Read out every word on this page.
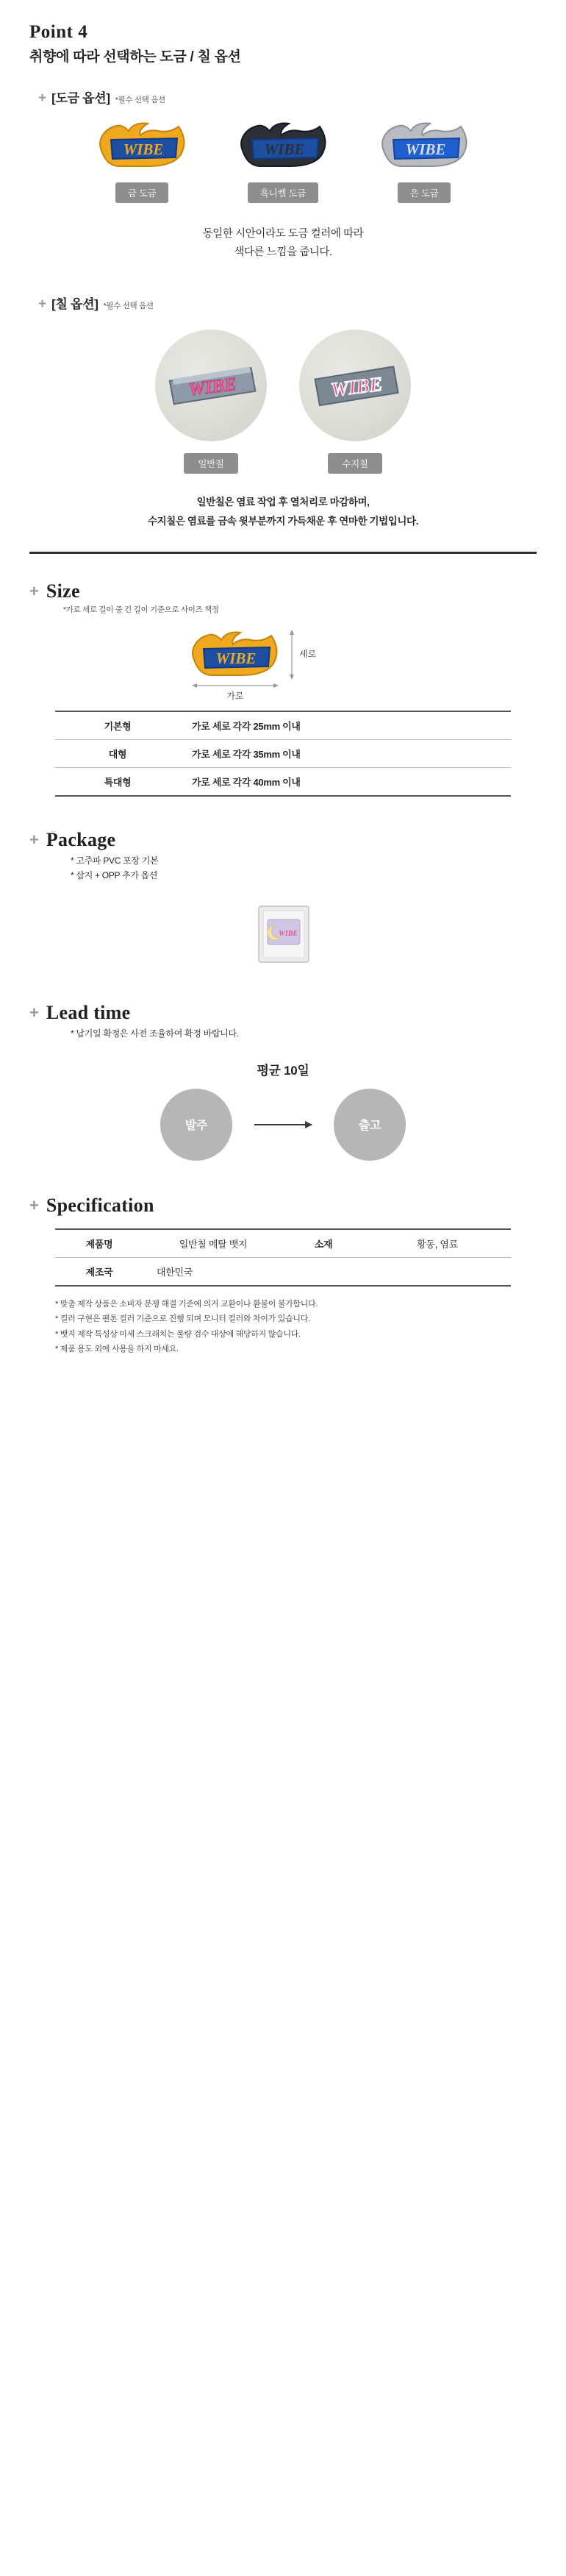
Point 4
취향에 따라 선택하는 도금 / 칠 옵션
+ [도금 옵션] *필수 선택 옵션
WIBE
금 도금
WIBE
흑니켈 도금
WIBE
은 도금
동일한 시안이라도 도금 컬러에 따라
색다른 느낌을 줍니다.
+ [칠 옵션] *필수 선택 옵션
WIBE
일반칠
WIBE
수지칠
일반칠은 염료 작업 후 열처리로 마감하며,
수지칠은 염료를 금속 윗부분까지 가득채운 후 연마한 기법입니다.
+ Size
*가로 세로 길이 중 긴 길이 기준으로 사이즈 책정
WIBE	세로
가로
기본형	가로 세로 각각 25mm 이내
대형	가로 세로 각각 35mm 이내
특대형	가로 세로 각각 40mm 이내
+ Package
* 고주파 PVC 포장 기본
* 삽지 + OPP 추가 옵션
WIBE
+ Lead time
* 납기일 확정은 사전 조율하여 확정 바랍니다.
평균 10일
발주	출고
+ Specification
제품명	일반칠 메탈 뱃지	소재	황동, 염료
제조국	대한민국		
* 맞춤 제작 상품은 소비자 분쟁 해결 기준에 의거 교환이나 환불이 불가합니다.
* 컬러 구현은 팬톤 컬러 기준으로 진행 되며 모니터 컬러와 차이가 있습니다.
* 뱃지 제작 특성상 미세 스크래치는 불량 검수 대상에 해당하지 않습니다.
* 제품 용도 외에 사용을 하지 마세요.
